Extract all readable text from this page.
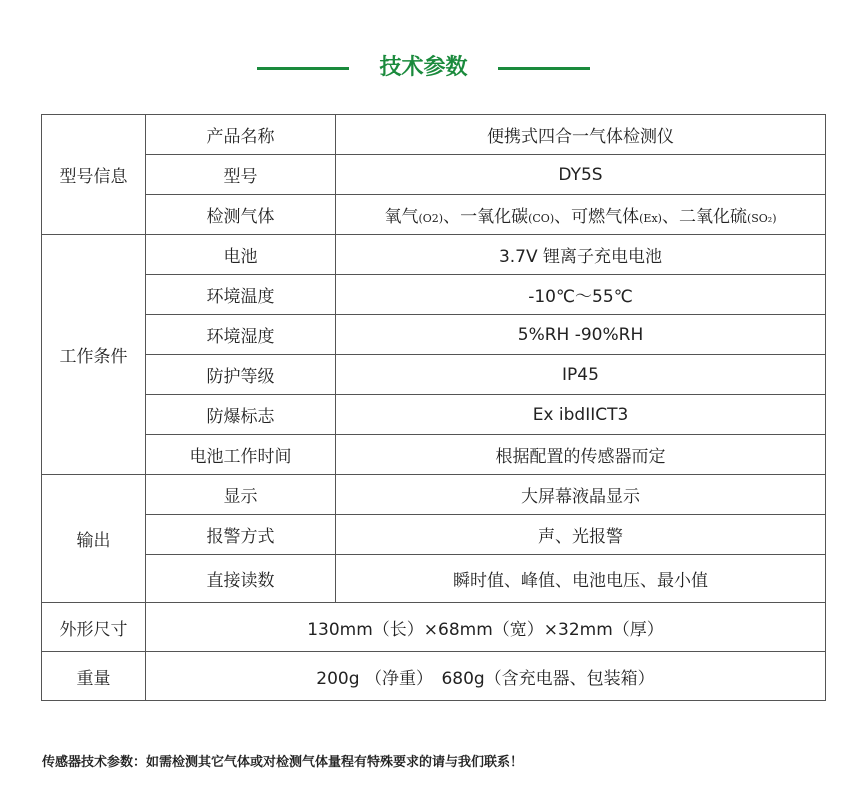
技术参数
型号信息	产品名称	便携式四合一气体检测仪
	型号	DY5S
	检测气体	氧气(O2)、一氧化碳(CO)、可燃气体(Ex)、二氧化硫(SO₂)
工作条件	电池	3.7V 锂离子充电电池
	环境温度	-10℃～55℃
	环境湿度	5%RH -90%RH
	防护等级	IP45
	防爆标志	Ex ibdIICT3
	电池工作时间	根据配置的传感器而定
输出	显示	大屏幕液晶显示
	报警方式	声、光报警
	直接读数	瞬时值、峰值、电池电压、最小值
外形尺寸	130mm（长）×68mm（宽）×32mm（厚）	
重量	200g （净重）　680g（含充电器、包装箱）	
传感器技术参数：如需检测其它气体或对检测气体量程有特殊要求的请与我们联系！
